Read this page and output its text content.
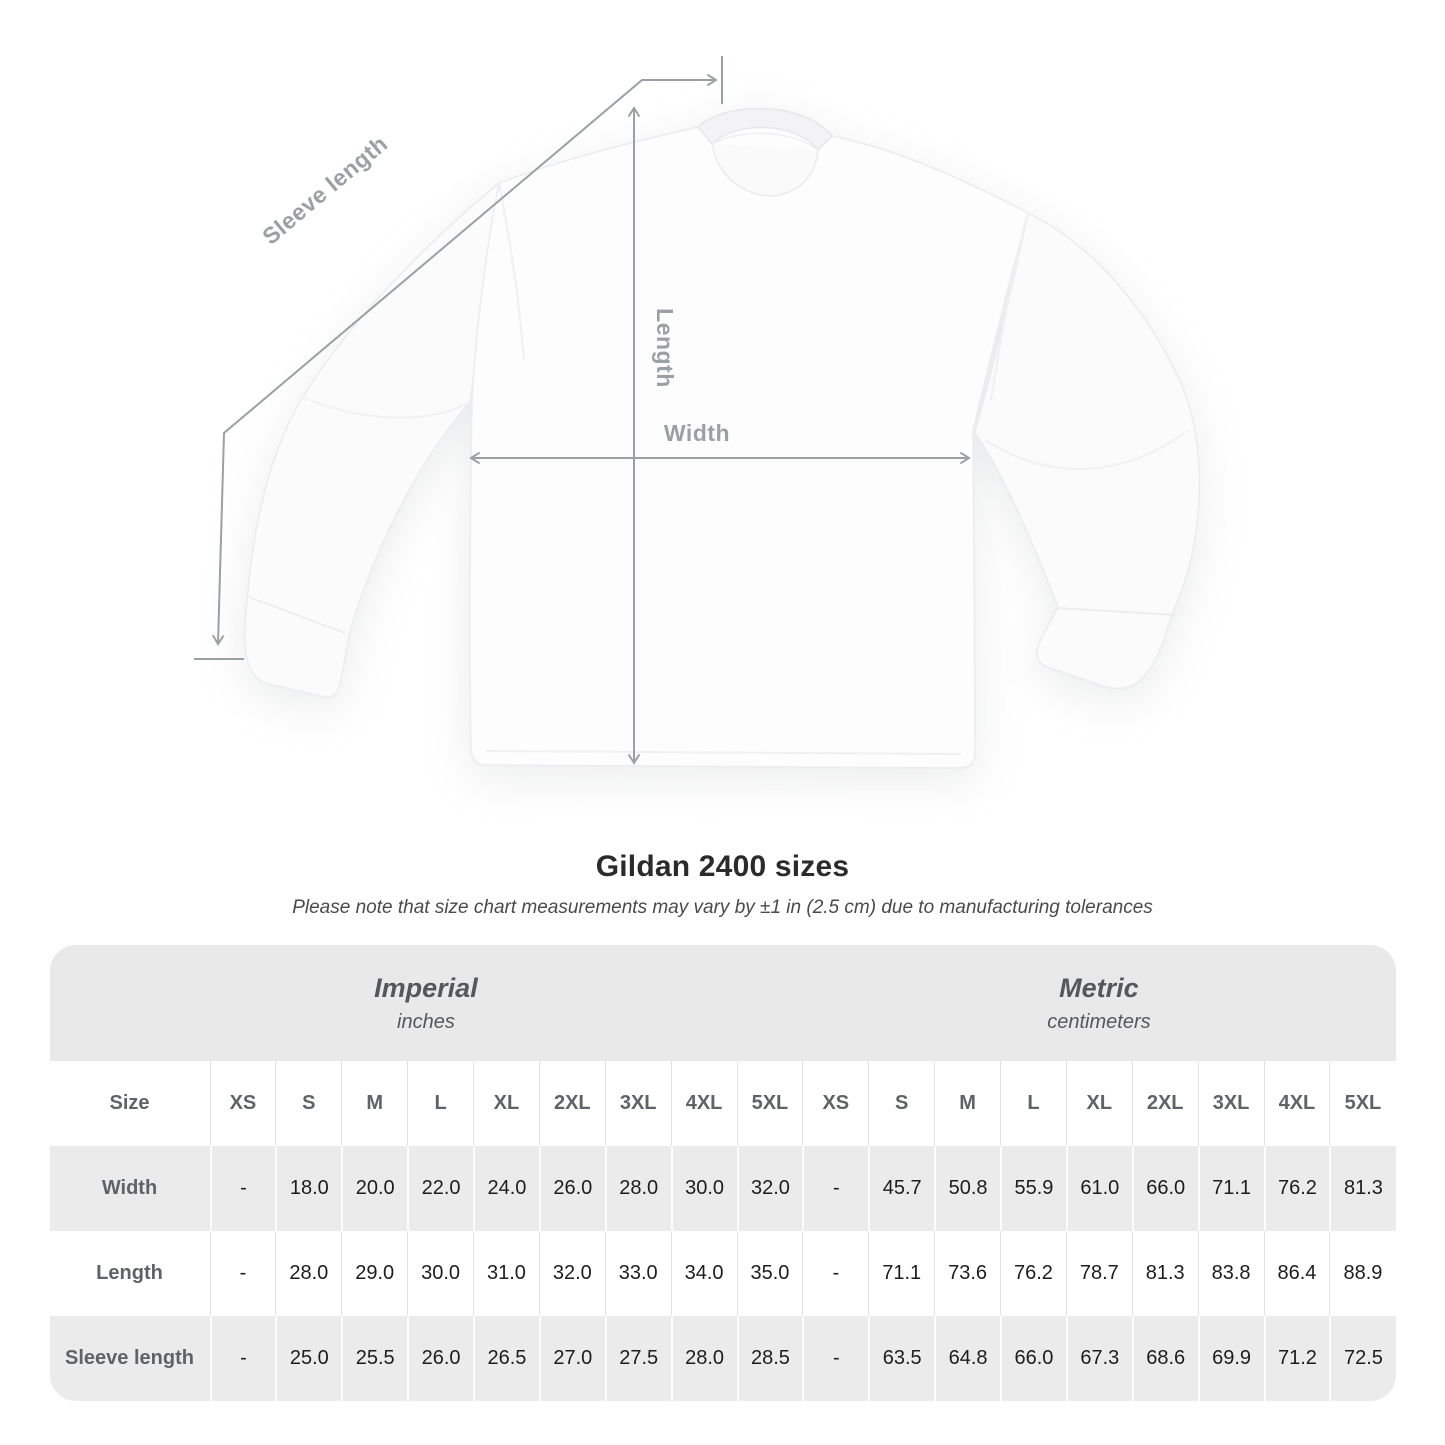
Sleeve length
Length
Width
Gildan 2400 sizes

Please note that size chart measurements may vary by ±1 in (2.5 cm) due to manufacturing tolerances

Imperial
inches										Metric
centimeters								

Size	XS	S	M	L	XL	2XL	3XL	4XL	5XL	XS	S	M	L	XL	2XL	3XL	4XL	5XL
Width	-	18.0	20.0	22.0	24.0	26.0	28.0	30.0	32.0	-	45.7	50.8	55.9	61.0	66.0	71.1	76.2	81.3
Length	-	28.0	29.0	30.0	31.0	32.0	33.0	34.0	35.0	-	71.1	73.6	76.2	78.7	81.3	83.8	86.4	88.9
Sleeve length	-	25.0	25.5	26.0	26.5	27.0	27.5	28.0	28.5	-	63.5	64.8	66.0	67.3	68.6	69.9	71.2	72.5
